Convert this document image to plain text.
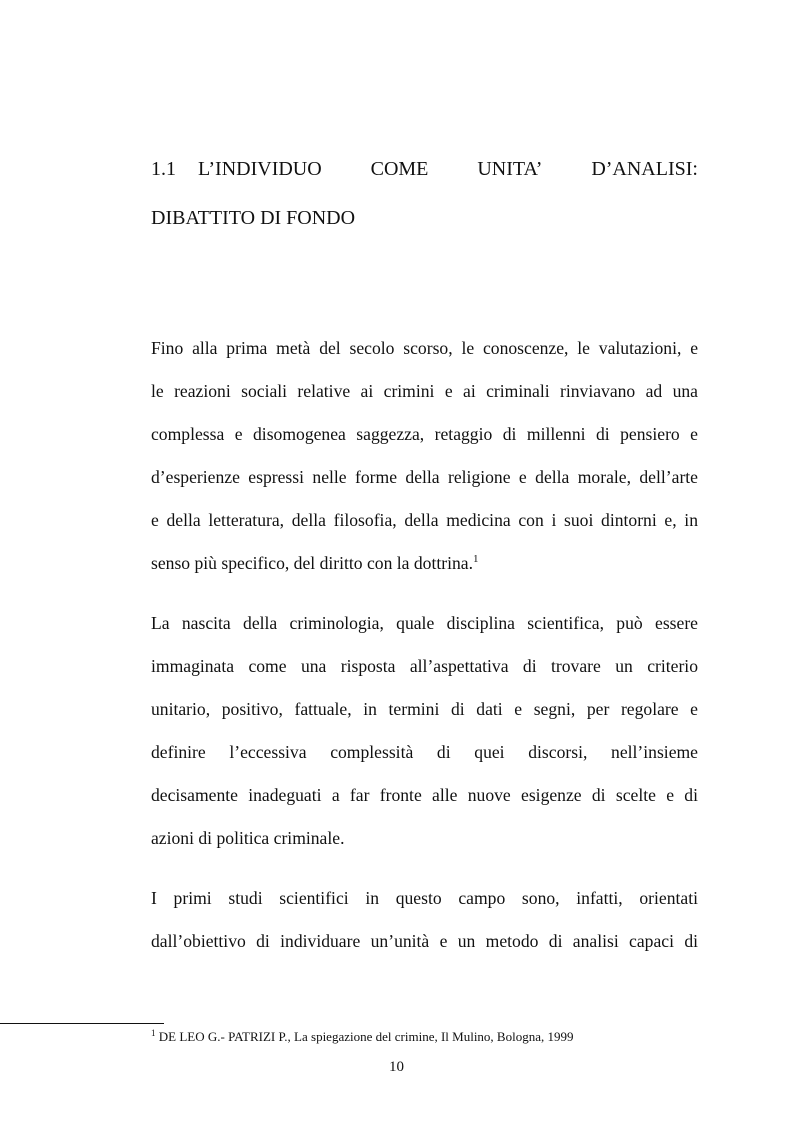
1.1 L’INDIVIDUO COME UNITA’ D’ANALISI:
DIBATTITO DI FONDO
Fino alla prima metà del secolo scorso, le conoscenze, le valutazioni, e
le reazioni sociali relative ai crimini e ai criminali rinviavano ad una
complessa e disomogenea saggezza, retaggio di millenni di pensiero e
d’esperienze espressi nelle forme della religione e della morale, dell’arte
e della letteratura, della filosofia, della medicina con i suoi dintorni e, in
senso più specifico, del diritto con la dottrina.$^1$
La nascita della criminologia, quale disciplina scientifica, può essere
immaginata come una risposta all’aspettativa di trovare un criterio
unitario, positivo, fattuale, in termini di dati e segni, per regolare e
definire l’eccessiva complessità di quei discorsi, nell’insieme
decisamente inadeguati a far fronte alle nuove esigenze di scelte e di
azioni di politica criminale.
I primi studi scientifici in questo campo sono, infatti, orientati
dall’obiettivo di individuare un’unità e un metodo di analisi capaci di
$^1$ DE LEO G.- PATRIZI P., La spiegazione del crimine, Il Mulino, Bologna, 1999
10
